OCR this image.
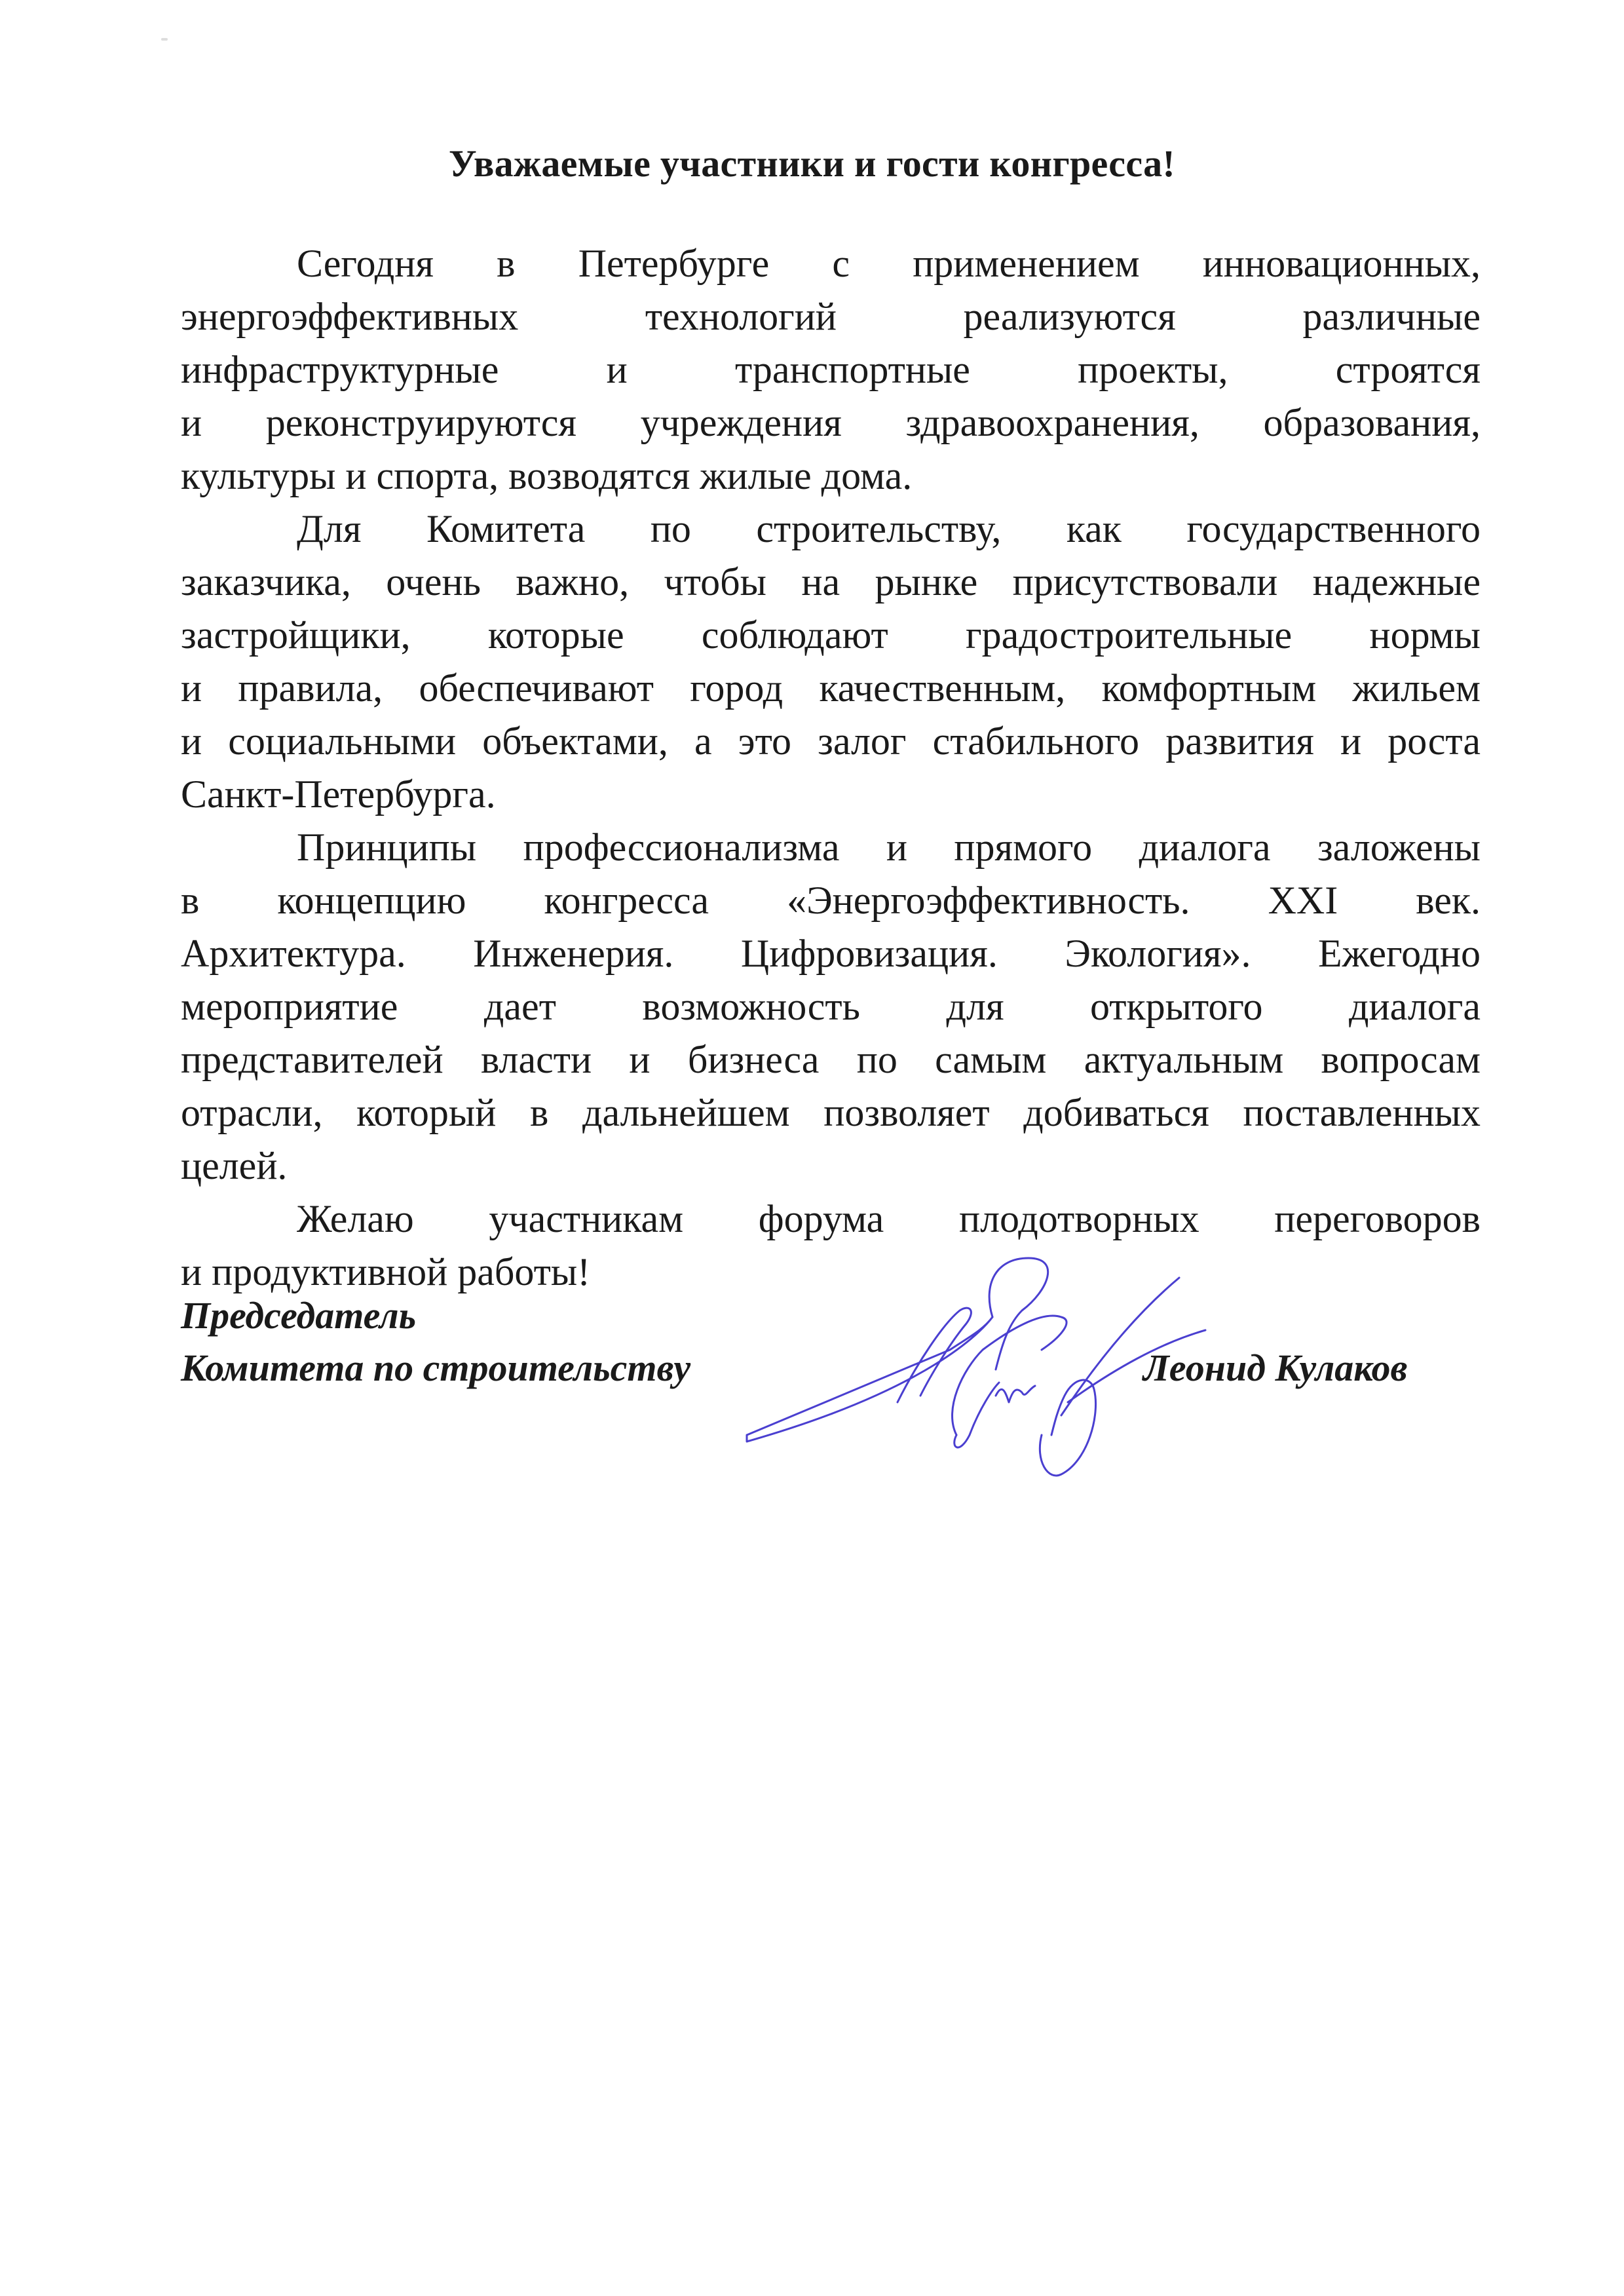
Уважаемые участники и гости конгресса!
Сегодня в Петербурге с применением инновационных,
энергоэффективных технологий реализуются различные
инфраструктурные и транспортные проекты, строятся
и реконструируются учреждения здравоохранения, образования,
культуры и спорта, возводятся жилые дома.
Для Комитета по строительству, как государственного
заказчика, очень важно, чтобы на рынке присутствовали надежные
застройщики, которые соблюдают градостроительные нормы
и правила, обеспечивают город качественным, комфортным жильем
и социальными объектами, а это залог стабильного развития и роста
Санкт-Петербурга.
Принципы профессионализма и прямого диалога заложены
в концепцию конгресса «Энергоэффективность. XXI век.
Архитектура. Инженерия. Цифровизация. Экология». Ежегодно
мероприятие дает возможность для открытого диалога
представителей власти и бизнеса по самым актуальным вопросам
отрасли, который в дальнейшем позволяет добиваться поставленных
целей.
Желаю участникам форума плодотворных переговоров
и продуктивной работы!
Председатель
Комитета по строительству	Леонид Кулаков
